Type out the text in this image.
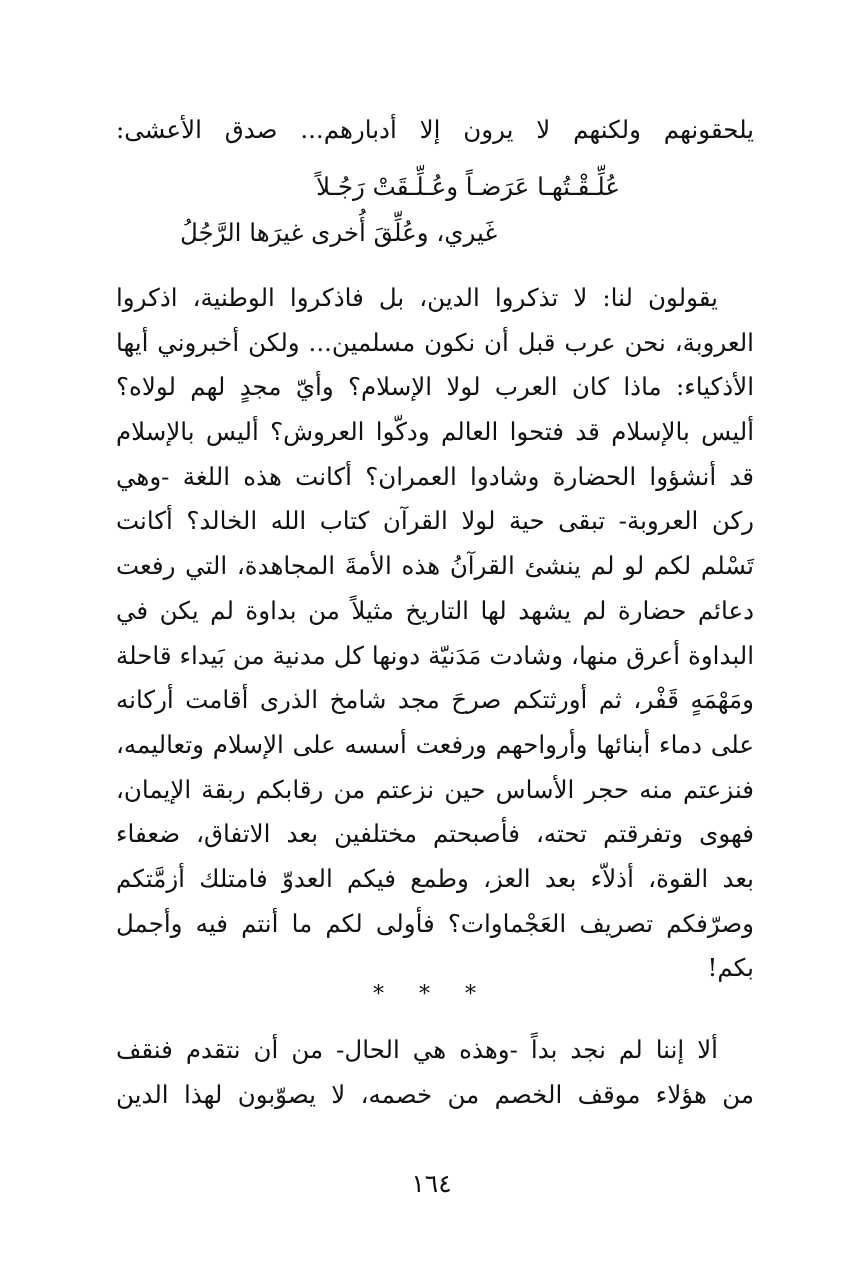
يلحقونهم ولكنهم لا يرون إلا أدبارهم... صدق الأعشى:
عُلِّـقْـتُهـا عَرَضـاً وعُـلِّـقَتْ رَجُـلاً
غَيري، وعُلِّقَ أُخرى غيرَها الرَّجُلُ
يقولون لنا: لا تذكروا الدين، بل فاذكروا الوطنية، اذكروا
العروبة، نحن عرب قبل أن نكون مسلمين... ولكن أخبروني أيها
الأذكياء: ماذا كان العرب لولا الإسلام؟ وأيّ مجدٍ لهم لولاه؟
أليس بالإسلام قد فتحوا العالم ودكّوا العروش؟ أليس بالإسلام
قد أنشؤوا الحضارة وشادوا العمران؟ أكانت هذه اللغة -وهي
ركن العروبة- تبقى حية لولا القرآن كتاب الله الخالد؟ أكانت
تَسْلم لكم لو لم ينشئ القرآنُ هذه الأمةَ المجاهدة، التي رفعت
دعائم حضارة لم يشهد لها التاريخ مثيلاً من بداوة لم يكن في
البداوة أعرق منها، وشادت مَدَنيّة دونها كل مدنية من بَيداء قاحلة
ومَهْمَهٍ قَفْر، ثم أورثتكم صرحَ مجد شامخ الذرى أقامت أركانه
على دماء أبنائها وأرواحهم ورفعت أسسه على الإسلام وتعاليمه،
فنزعتم منه حجر الأساس حين نزعتم من رقابكم ربقة الإيمان،
فهوى وتفرقتم تحته، فأصبحتم مختلفين بعد الاتفاق، ضعفاء
بعد القوة، أذلاّء بعد العز، وطمع فيكم العدوّ فامتلك أزمَّتكم
وصرّفكم تصريف العَجْماوات؟ فأولى لكم ما أنتم فيه وأجمل
بكم!
* * *
ألا إننا لم نجد بداً -وهذه هي الحال- من أن نتقدم فنقف
من هؤلاء موقف الخصم من خصمه، لا يصوّبون لهذا الدين
١٦٤
